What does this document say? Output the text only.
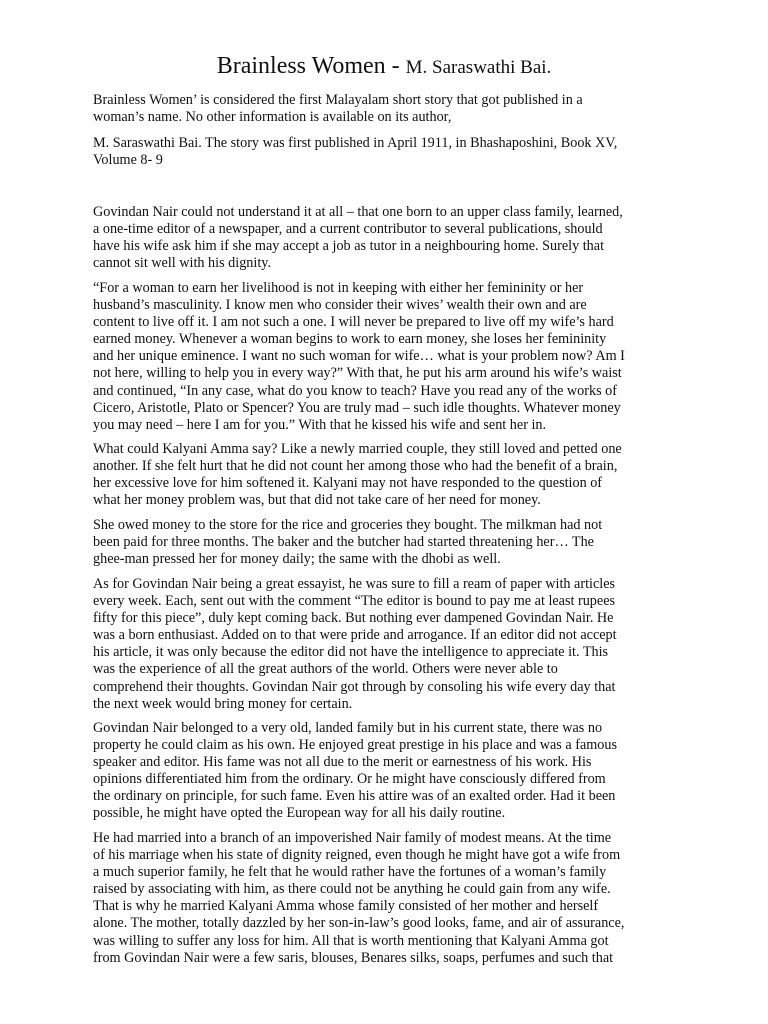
Brainless Women - M. Saraswathi Bai.
Brainless Women’ is considered the first Malayalam short story that got published in a
woman’s name. No other information is available on its author,
M. Saraswathi Bai. The story was first published in April 1911, in Bhashaposhini, Book XV,
Volume 8- 9
Govindan Nair could not understand it at all – that one born to an upper class family, learned,
a one-time editor of a newspaper, and a current contributor to several publications, should
have his wife ask him if she may accept a job as tutor in a neighbouring home. Surely that
cannot sit well with his dignity.
“For a woman to earn her livelihood is not in keeping with either her femininity or her
husband’s masculinity. I know men who consider their wives’ wealth their own and are
content to live off it. I am not such a one. I will never be prepared to live off my wife’s hard
earned money. Whenever a woman begins to work to earn money, she loses her femininity
and her unique eminence. I want no such woman for wife… what is your problem now? Am I
not here, willing to help you in every way?” With that, he put his arm around his wife’s waist
and continued, “In any case, what do you know to teach? Have you read any of the works of
Cicero, Aristotle, Plato or Spencer? You are truly mad – such idle thoughts. Whatever money
you may need – here I am for you.” With that he kissed his wife and sent her in.
What could Kalyani Amma say? Like a newly married couple, they still loved and petted one
another. If she felt hurt that he did not count her among those who had the benefit of a brain,
her excessive love for him softened it. Kalyani may not have responded to the question of
what her money problem was, but that did not take care of her need for money.
She owed money to the store for the rice and groceries they bought. The milkman had not
been paid for three months. The baker and the butcher had started threatening her… The
ghee-man pressed her for money daily; the same with the dhobi as well.
As for Govindan Nair being a great essayist, he was sure to fill a ream of paper with articles
every week. Each, sent out with the comment “The editor is bound to pay me at least rupees
fifty for this piece”, duly kept coming back. But nothing ever dampened Govindan Nair. He
was a born enthusiast. Added on to that were pride and arrogance. If an editor did not accept
his article, it was only because the editor did not have the intelligence to appreciate it. This
was the experience of all the great authors of the world. Others were never able to
comprehend their thoughts. Govindan Nair got through by consoling his wife every day that
the next week would bring money for certain.
Govindan Nair belonged to a very old, landed family but in his current state, there was no
property he could claim as his own. He enjoyed great prestige in his place and was a famous
speaker and editor. His fame was not all due to the merit or earnestness of his work. His
opinions differentiated him from the ordinary. Or he might have consciously differed from
the ordinary on principle, for such fame. Even his attire was of an exalted order. Had it been
possible, he might have opted the European way for all his daily routine.
He had married into a branch of an impoverished Nair family of modest means. At the time
of his marriage when his state of dignity reigned, even though he might have got a wife from
a much superior family, he felt that he would rather have the fortunes of a woman’s family
raised by associating with him, as there could not be anything he could gain from any wife.
That is why he married Kalyani Amma whose family consisted of her mother and herself
alone. The mother, totally dazzled by her son-in-law’s good looks, fame, and air of assurance,
was willing to suffer any loss for him. All that is worth mentioning that Kalyani Amma got
from Govindan Nair were a few saris, blouses, Benares silks, soaps, perfumes and such that
